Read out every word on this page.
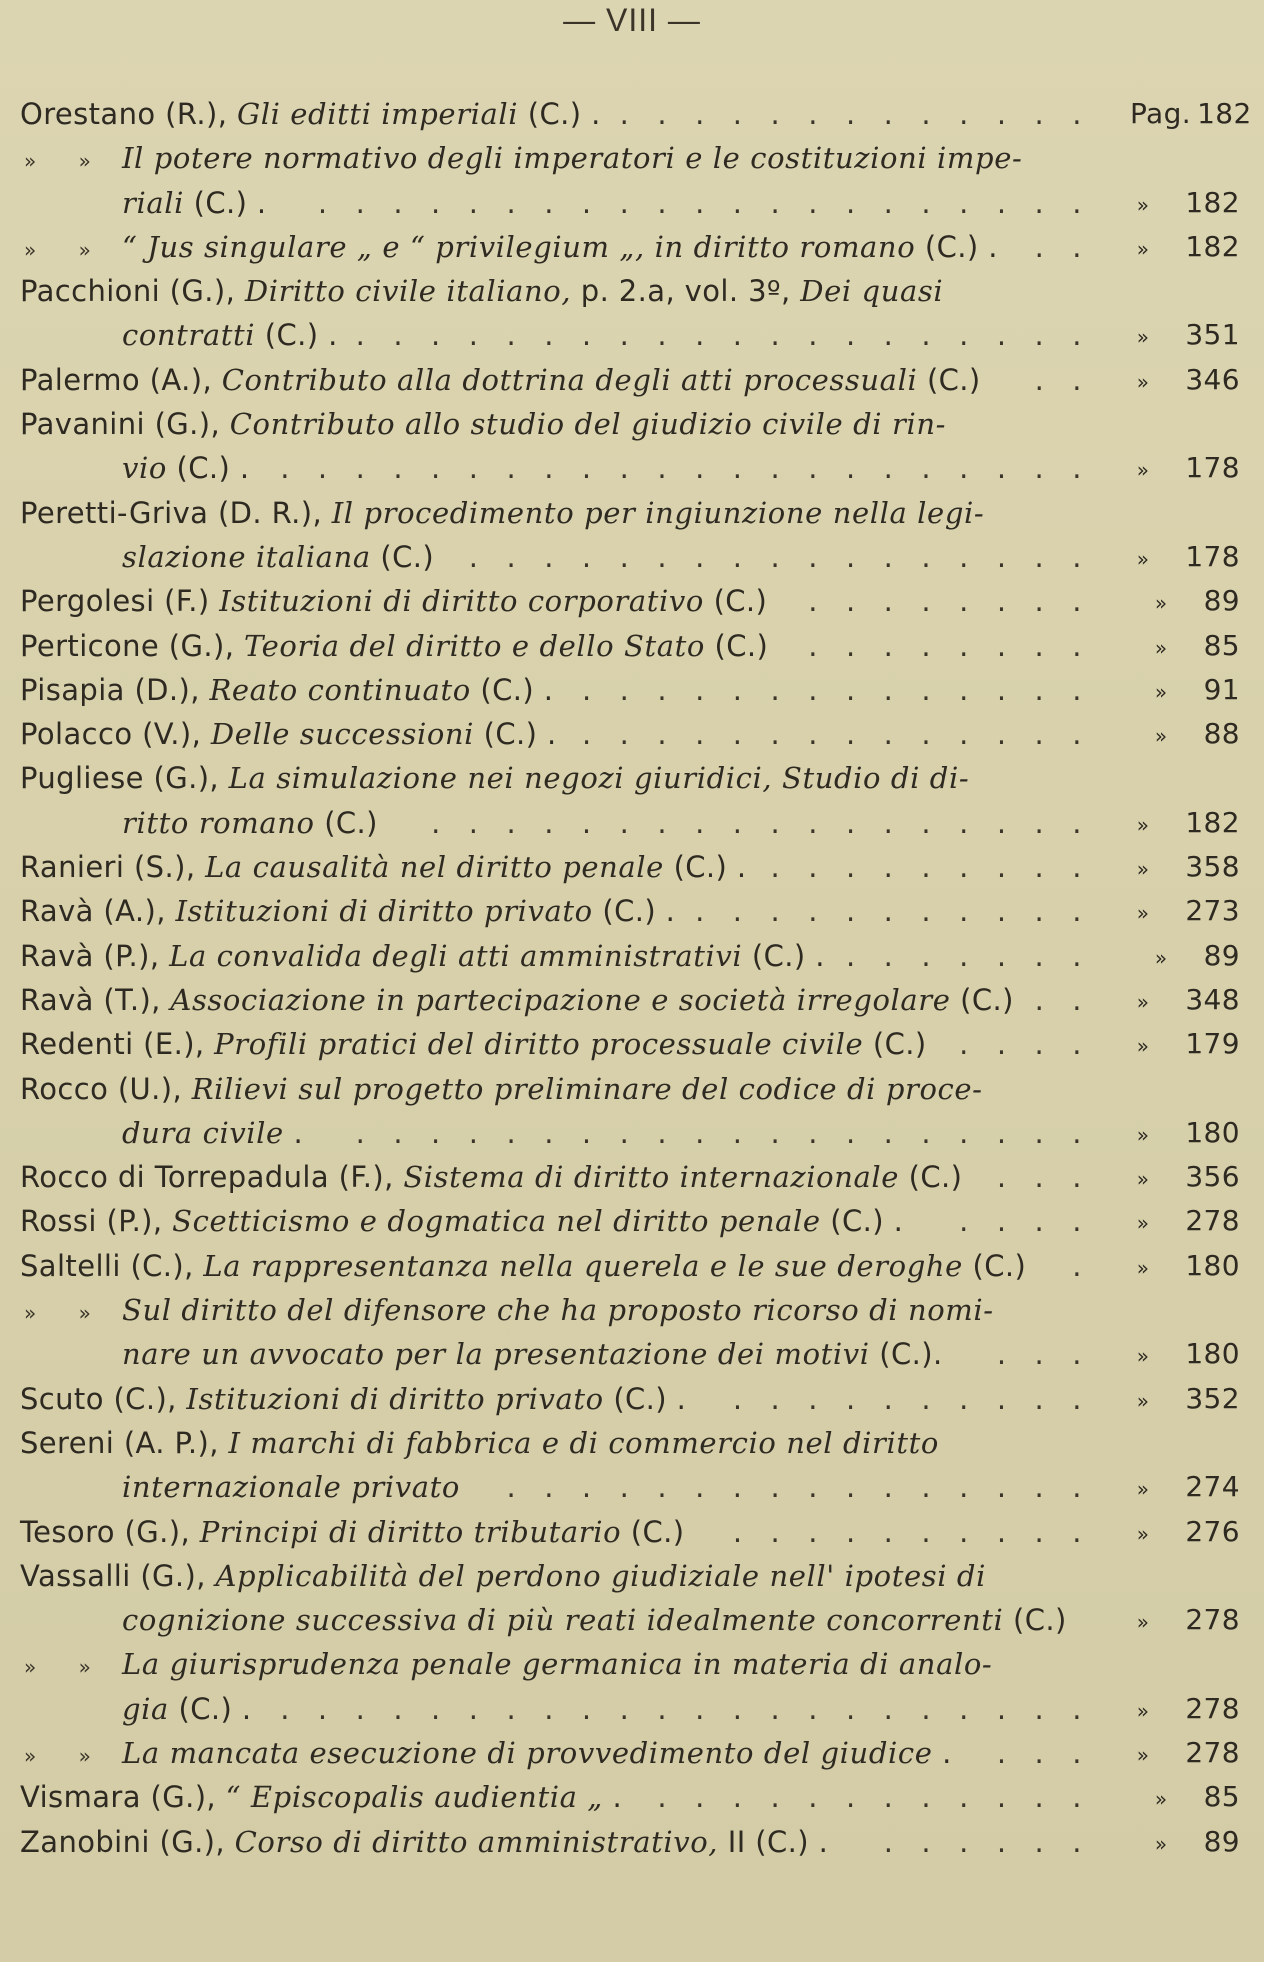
— VIII —
Orestano (R.), Gli editti imperiali (C.) .	Pag. 182
.............
» » Il potere normativo degli imperatori e le costituzioni impe-
riali (C.) .	» 182
.....................
» » “ Jus singulare „ e “ privilegium „, in diritto romano (C.) .	» 182
..
Pacchioni (G.), Diritto civile italiano, p. 2.a, vol. 3º, Dei quasi
contratti (C.) .	» 351
....................
Palermo (A.), Contributo alla dottrina degli atti processuali (C.)	» 346
..
Pavanini (G.), Contributo allo studio del giudizio civile di rin-
vio (C.) .	» 178
......................
Peretti-Griva (D. R.), Il procedimento per ingiunzione nella legi-
slazione italiana (C.)	» 178
.................
Pergolesi (F.) Istituzioni di diritto corporativo (C.)	» 89
........
Perticone (G.), Teoria del diritto e dello Stato (C.)	» 85
........
Pisapia (D.), Reato continuato (C.) .	» 91
..............
Polacco (V.), Delle successioni (C.) .	» 88
..............
Pugliese (G.), La simulazione nei negozi giuridici, Studio di di-
ritto romano (C.)	» 182
..................
Ranieri (S.), La causalità nel diritto penale (C.) .	» 358
.........
Ravà (A.), Istituzioni di diritto privato (C.) .	» 273
...........
Ravà (P.), La convalida degli atti amministrativi (C.) .	» 89
.......
Ravà (T.), Associazione in partecipazione e società irregolare (C.)	» 348
..
Redenti (E.), Profili pratici del diritto processuale civile (C.)	» 179
....
Rocco (U.), Rilievi sul progetto preliminare del codice di proce-
dura civile .	» 180
....................
Rocco di Torrepadula (F.), Sistema di diritto internazionale (C.)	» 356
...
Rossi (P.), Scetticismo e dogmatica nel diritto penale (C.) .	» 278
....
Saltelli (C.), La rappresentanza nella querela e le sue deroghe (C.)	» 180
.
» » Sul diritto del difensore che ha proposto ricorso di nomi-
nare un avvocato per la presentazione dei motivi (C.).	» 180
...
Scuto (C.), Istituzioni di diritto privato (C.) .	» 352
..........
Sereni (A. P.), I marchi di fabbrica e di commercio nel diritto
internazionale privato	» 274
................
Tesoro (G.), Principi di diritto tributario (C.)	» 276
..........
Vassalli (G.), Applicabilità del perdono giudiziale nell' ipotesi di
cognizione successiva di più reati idealmente concorrenti (C.)	» 278
» » La giurisprudenza penale germanica in materia di analo-
gia (C.) .	» 278
......................
» » La mancata esecuzione di provvedimento del giudice .	» 278
...
Vismara (G.), “ Episcopalis audientia „ .	» 85
............
Zanobini (G.), Corso di diritto amministrativo, II (C.) .	» 89
......
